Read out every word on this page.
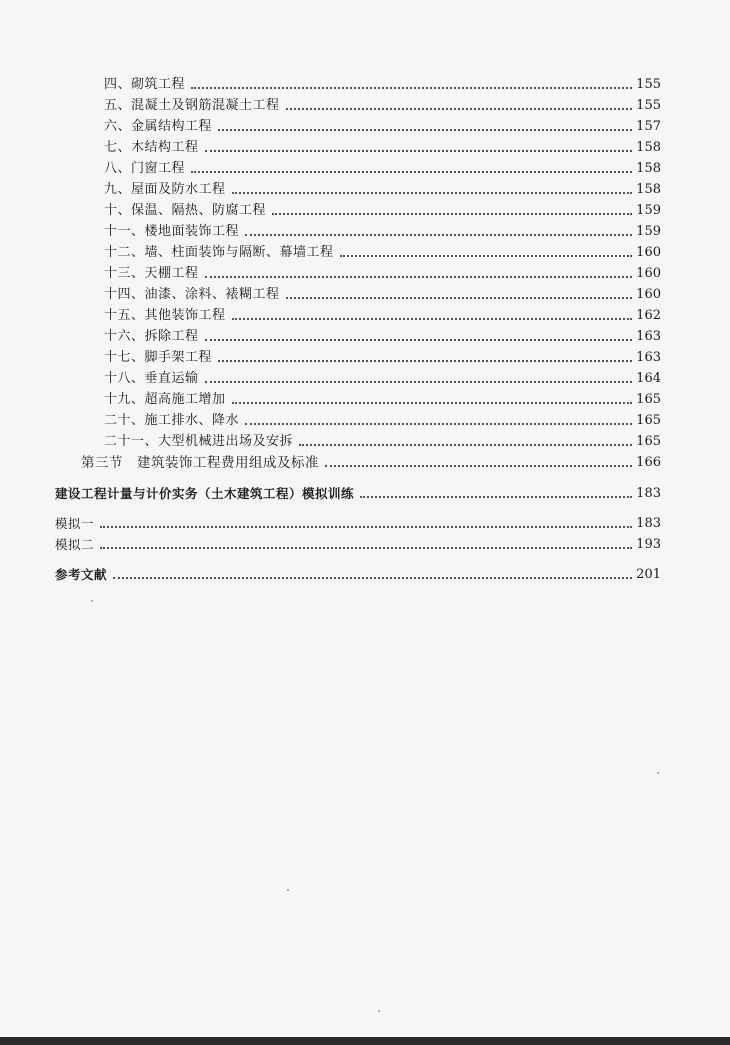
四、砌筑工程	155
五、混凝土及钢筋混凝土工程	155
六、金属结构工程	157
七、木结构工程	158
八、门窗工程	158
九、屋面及防水工程	158
十、保温、隔热、防腐工程	159
十一、楼地面装饰工程	159
十二、墙、柱面装饰与隔断、幕墙工程	160
十三、天棚工程	160
十四、油漆、涂料、裱糊工程	160
十五、其他装饰工程	162
十六、拆除工程	163
十七、脚手架工程	163
十八、垂直运输	164
十九、超高施工增加	165
二十、施工排水、降水	165
二十一、大型机械进出场及安拆	165
第三节　建筑装饰工程费用组成及标准	166
建设工程计量与计价实务（土木建筑工程）模拟训练	183
模拟一	183
模拟二	193
参考文献	201
